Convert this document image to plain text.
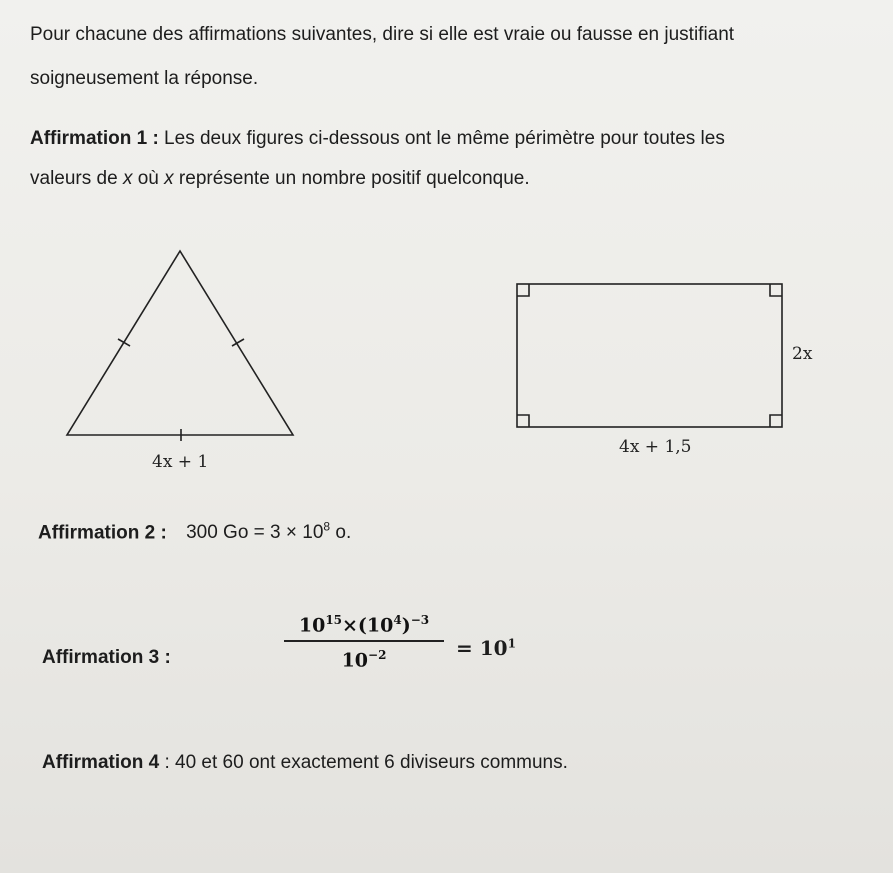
Pour chacune des affirmations suivantes, dire si elle est vraie ou fausse en justifiant
soigneusement la réponse.
Affirmation 1 : Les deux figures ci-dessous ont le même périmètre pour toutes les
valeurs de x où x représente un nombre positif quelconque.
4x + 1
2x
4x + 1,5
Affirmation 2 : 300 $Go = 3 \times 10^8$ o.
Affirmation 3 :	$\frac{10^{15}\times(10^4)^{-3}}{10^{-2}} = 10^1$
Affirmation 4 : 40 et 60 ont exactement 6 diviseurs communs.
